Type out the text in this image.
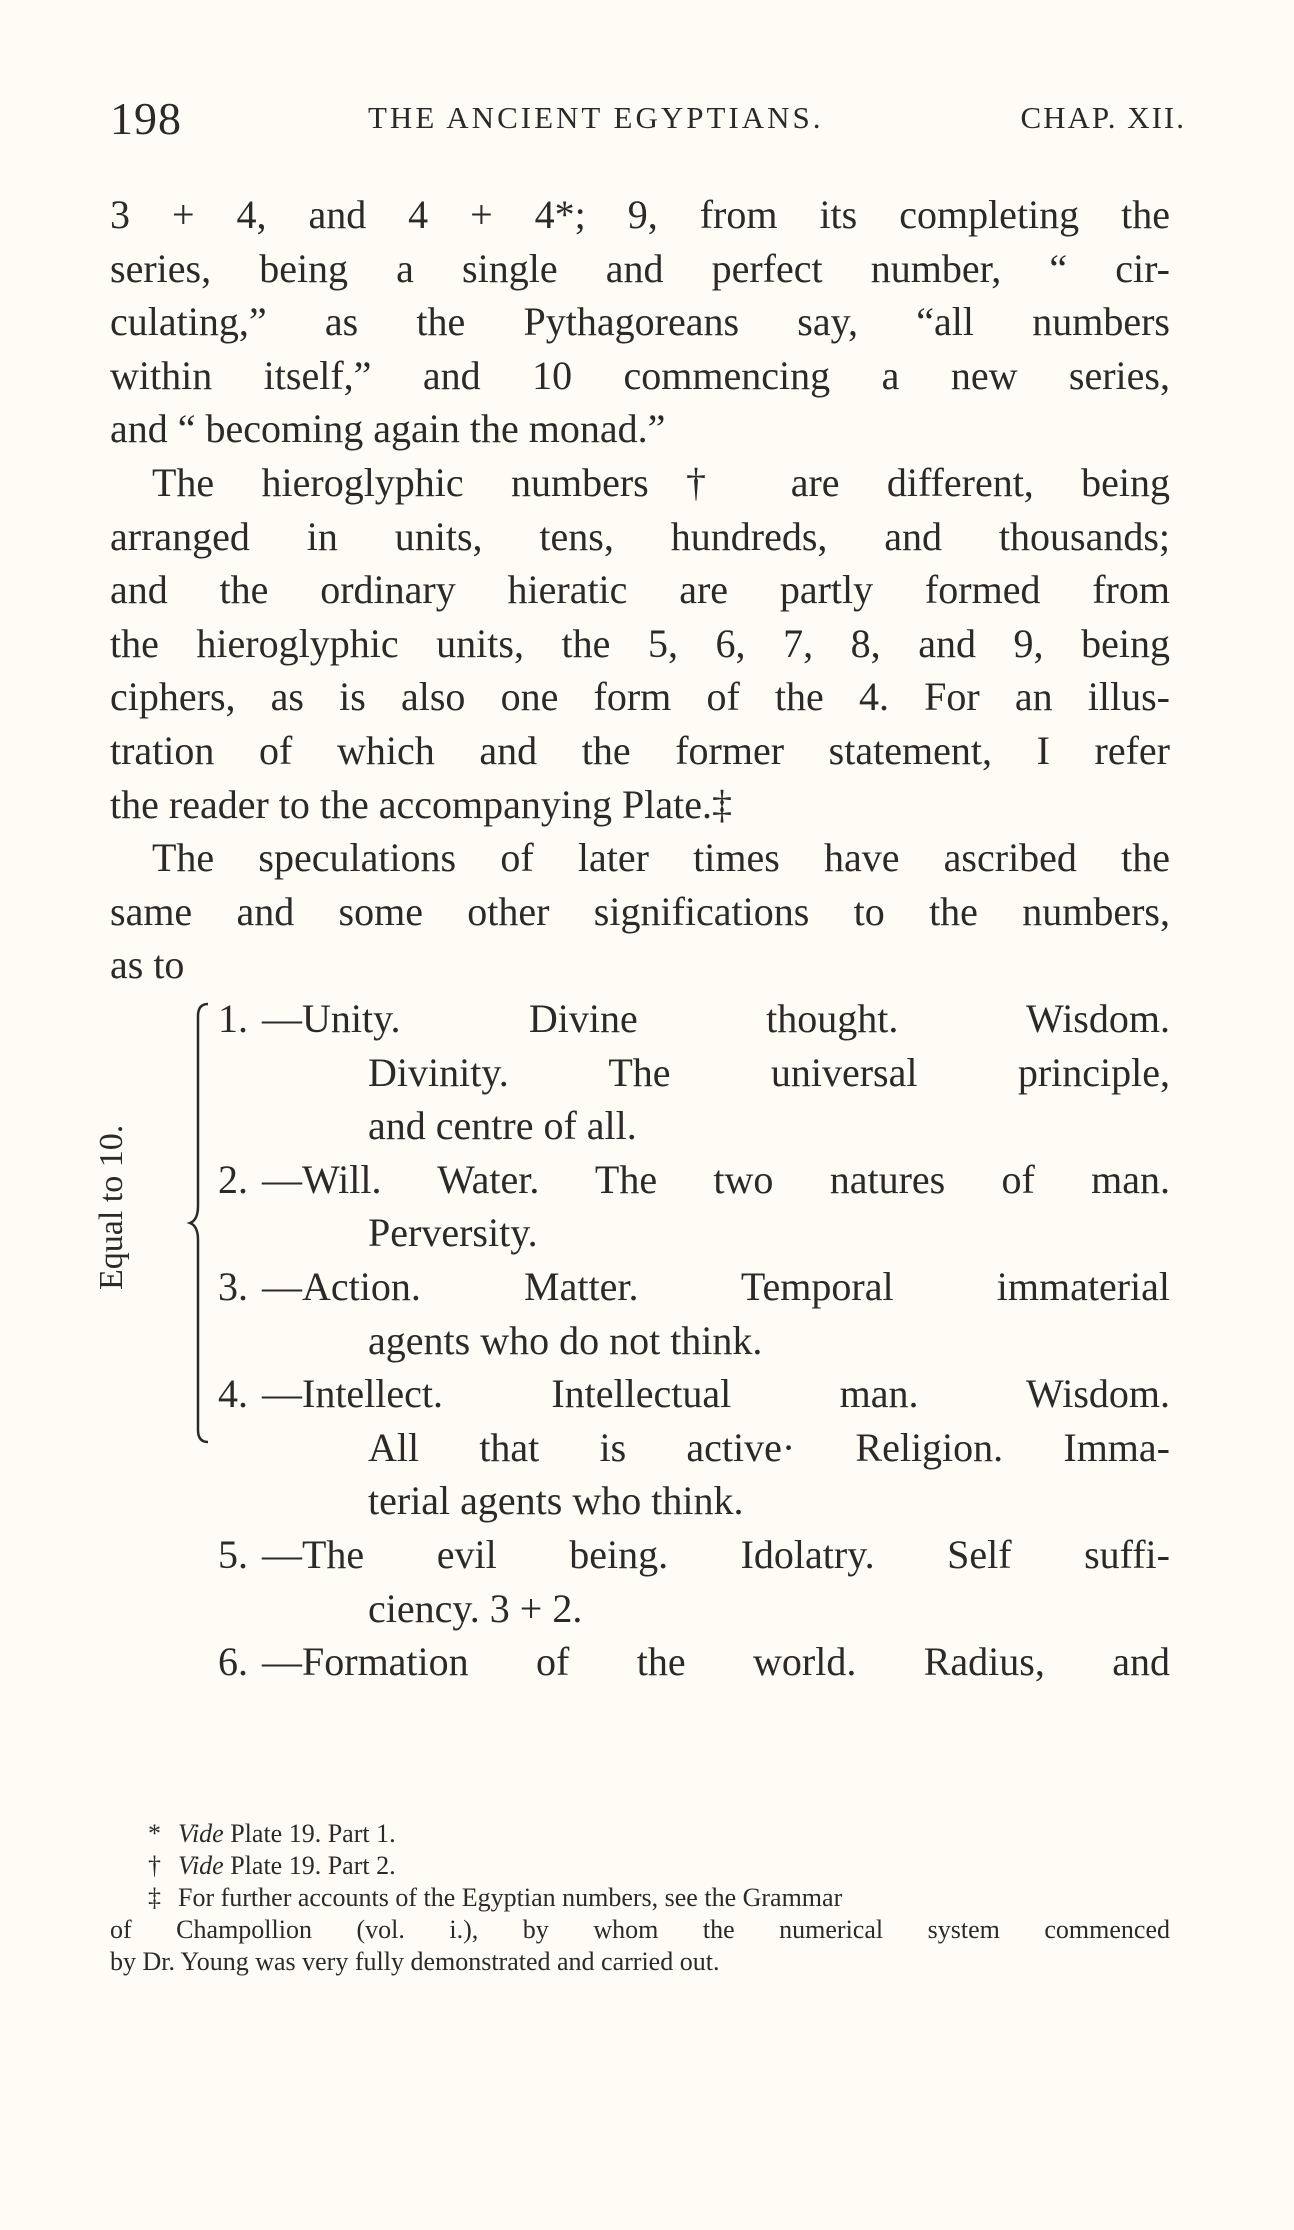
198	THE ANCIENT EGYPTIANS.	CHAP. XII.
3 + 4, and 4 + 4*; 9, from its completing the
series, being a single and perfect number, “ cir-
culating,” as the Pythagoreans say, “all numbers
within itself,” and 10 commencing a new series,
and “ becoming again the monad.”
The hieroglyphic numbers† are different, being
arranged in units, tens, hundreds, and thousands;
and the ordinary hieratic are partly formed from
the hieroglyphic units, the 5, 6, 7, 8, and 9, being
ciphers, as is also one form of the 4. For an illus-
tration of which and the former statement, I refer
the reader to the accompanying Plate.‡
The speculations of later times have ascribed the
same and some other significations to the numbers,
as to
Equal to 10.
1. —Unity. Divine thought. Wisdom.
Divinity. The universal principle,
and centre of all.
2. —Will. Water. The two natures of man.
Perversity.
3. —Action. Matter. Temporal immaterial
agents who do not think.
4. —Intellect. Intellectual man. Wisdom.
All that is active· Religion. Imma-
terial agents who think.
5. —The evil being. Idolatry. Self suffi-
ciency. 3 + 2.
6. —Formation of the world. Radius, and
* Vide Plate 19. Part 1.
† Vide Plate 19. Part 2.
‡ For further accounts of the Egyptian numbers, see the Grammar
of Champollion (vol. i.), by whom the numerical system commenced
by Dr. Young was very fully demonstrated and carried out.
